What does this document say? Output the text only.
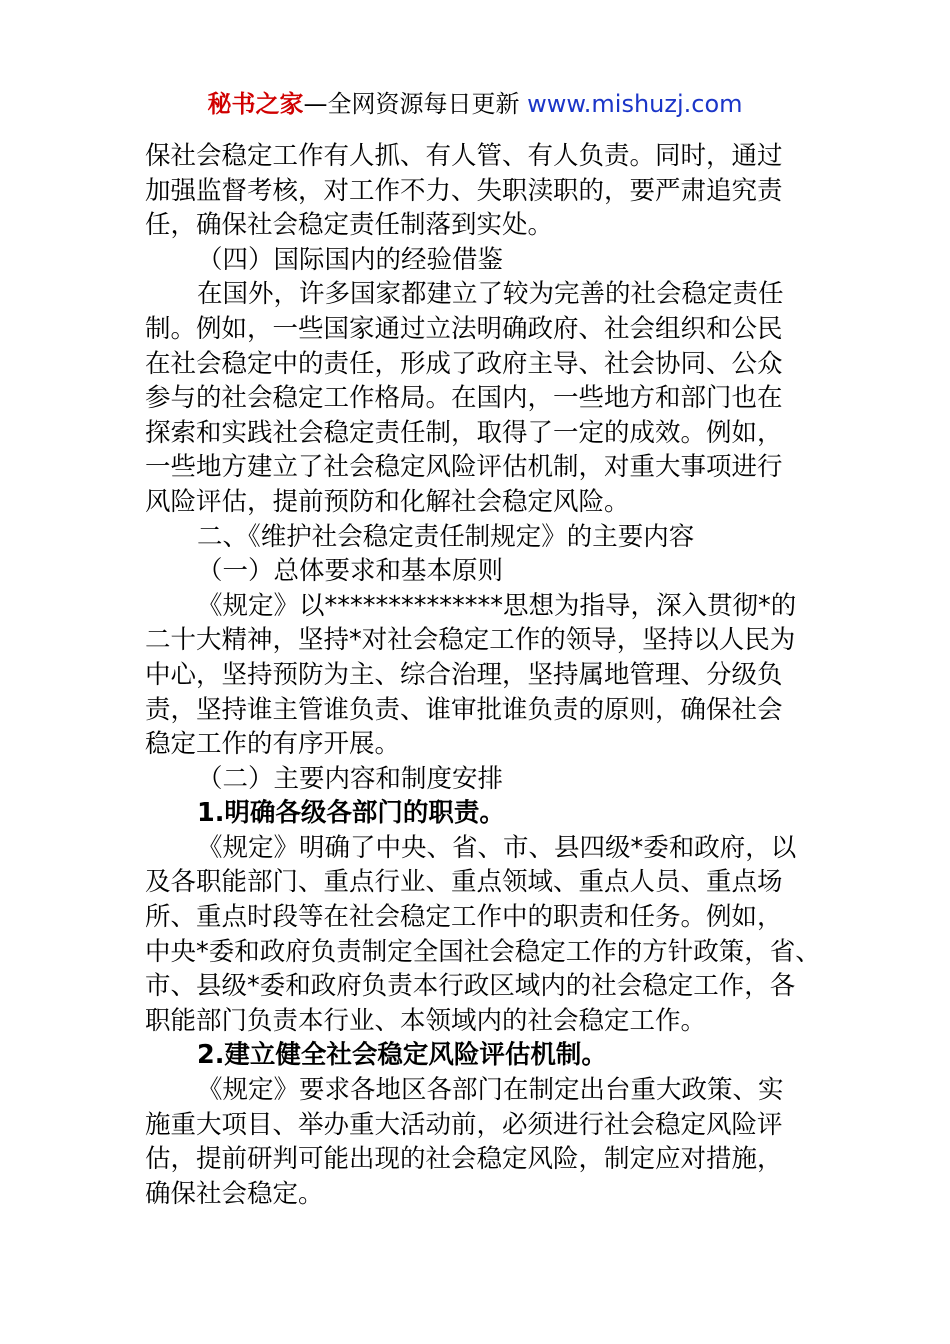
秘书之家—全网资源每日更新 www.mishuzj.com
保社会稳定工作有人抓、有人管、有人负责。同时，通过
加强监督考核，对工作不力、失职渎职的，要严肃追究责
任，确保社会稳定责任制落到实处。
（四）国际国内的经验借鉴
在国外，许多国家都建立了较为完善的社会稳定责任
制。例如，一些国家通过立法明确政府、社会组织和公民
在社会稳定中的责任，形成了政府主导、社会协同、公众
参与的社会稳定工作格局。在国内，一些地方和部门也在
探索和实践社会稳定责任制，取得了一定的成效。例如，
一些地方建立了社会稳定风险评估机制，对重大事项进行
风险评估，提前预防和化解社会稳定风险。
二、《维护社会稳定责任制规定》的主要内容
（一）总体要求和基本原则
《规定》以**************思想为指导，深入贯彻*的
二十大精神，坚持*对社会稳定工作的领导，坚持以人民为
中心，坚持预防为主、综合治理，坚持属地管理、分级负
责，坚持谁主管谁负责、谁审批谁负责的原则，确保社会
稳定工作的有序开展。
（二）主要内容和制度安排
1.明确各级各部门的职责。
《规定》明确了中央、省、市、县四级*委和政府，以
及各职能部门、重点行业、重点领域、重点人员、重点场
所、重点时段等在社会稳定工作中的职责和任务。例如，
中央*委和政府负责制定全国社会稳定工作的方针政策，省、
市、县级*委和政府负责本行政区域内的社会稳定工作，各
职能部门负责本行业、本领域内的社会稳定工作。
2.建立健全社会稳定风险评估机制。
《规定》要求各地区各部门在制定出台重大政策、实
施重大项目、举办重大活动前，必须进行社会稳定风险评
估，提前研判可能出现的社会稳定风险，制定应对措施，
确保社会稳定。
